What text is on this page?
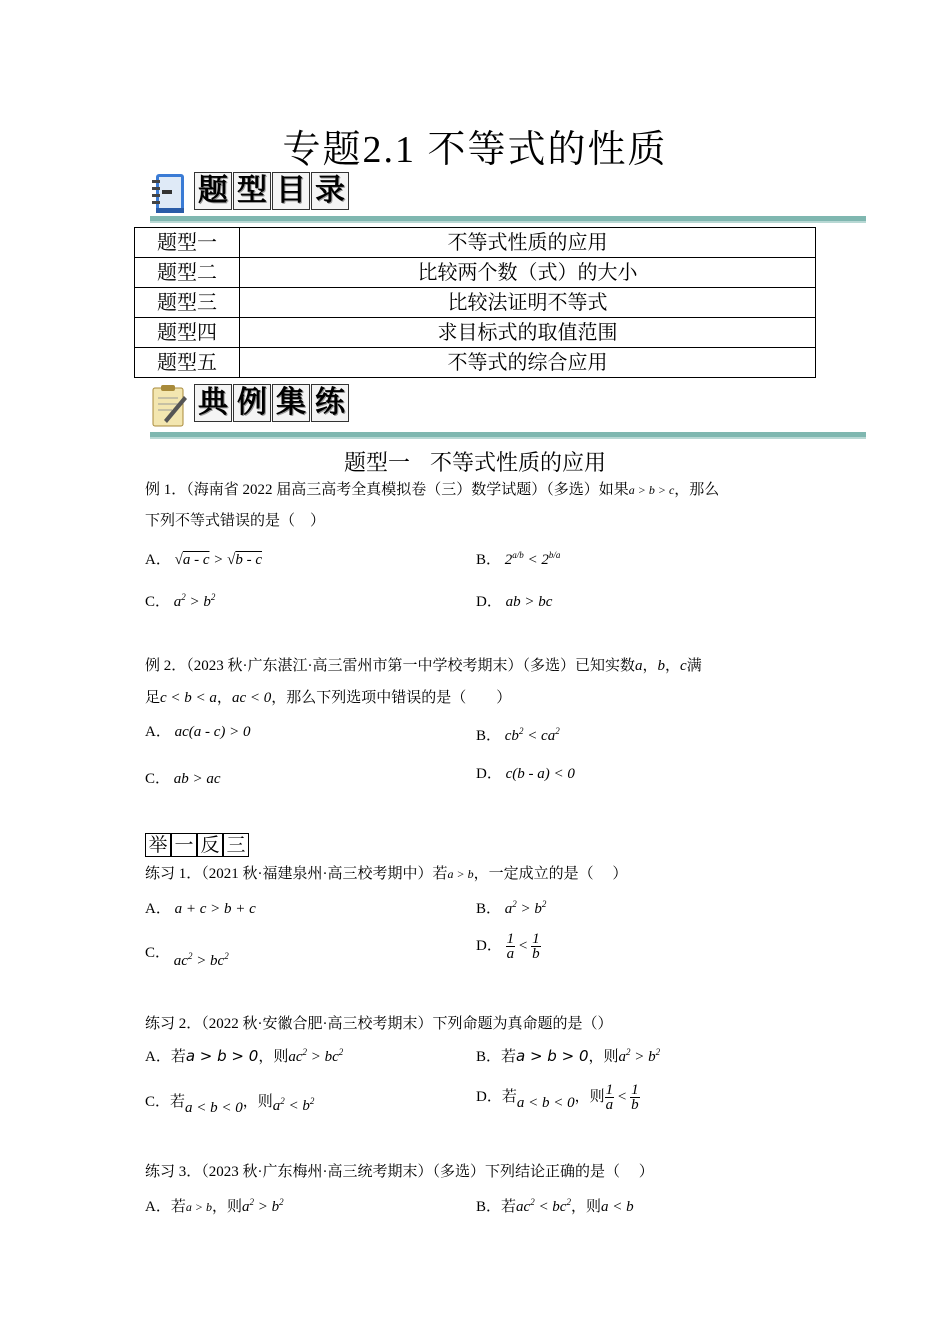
专题2.1 不等式的性质
题 型 目 录
题型一	不等式性质的应用
题型二	比较两个数（式）的大小
题型三	比较法证明不等式
题型四	求目标式的取值范围
题型五	不等式的综合应用
典 例 集 练
题型一 不等式性质的应用
例 1．（海南省 2022 届高三高考全真模拟卷（三）数学试题）（多选）如果a > b > c，那么
下列不等式错误的是（　）
A． √a - c > √b - c	B． $2^{a/b} < 2^{b/a}$
C． $a^2 > b^2$	D． ab > bc
例 2．（2023 秋·广东湛江·高三雷州市第一中学校考期末）（多选）已知实数a，b，c满
足c < b < a，ac < 0，那么下列选项中错误的是（　　）
A． ac(a - c) > 0	B． $cb^2 < ca^2$
C． ab > ac	D． c(b - a) < 0
举 一 反 三
练习 1．（2021 秋·福建泉州·高三校考期中）若a > b，一定成立的是（　 ）
A． a + c > b + c	B． $a^2 > b^2$
C． $ac^2 > bc^2$
D． $\frac{1}{a} < \frac{1}{b}$
练习 2．（2022 秋·安徽合肥·高三校考期末）下列命题为真命题的是（）
A．若a > b > 0，则$ac^2 > bc^2$	B．若a > b > 0，则$a^2 > b^2$
C．若a < b < 0，则$a^2 < b^2$	D．若a < b < 0，则 $\frac{1}{a} < \frac{1}{b}$
练习 3．（2023 秋·广东梅州·高三统考期末）（多选）下列结论正确的是（　 ）
A．若a > b，则$a^2 > b^2$	B．若$ac^2 < bc^2$，则a < b
